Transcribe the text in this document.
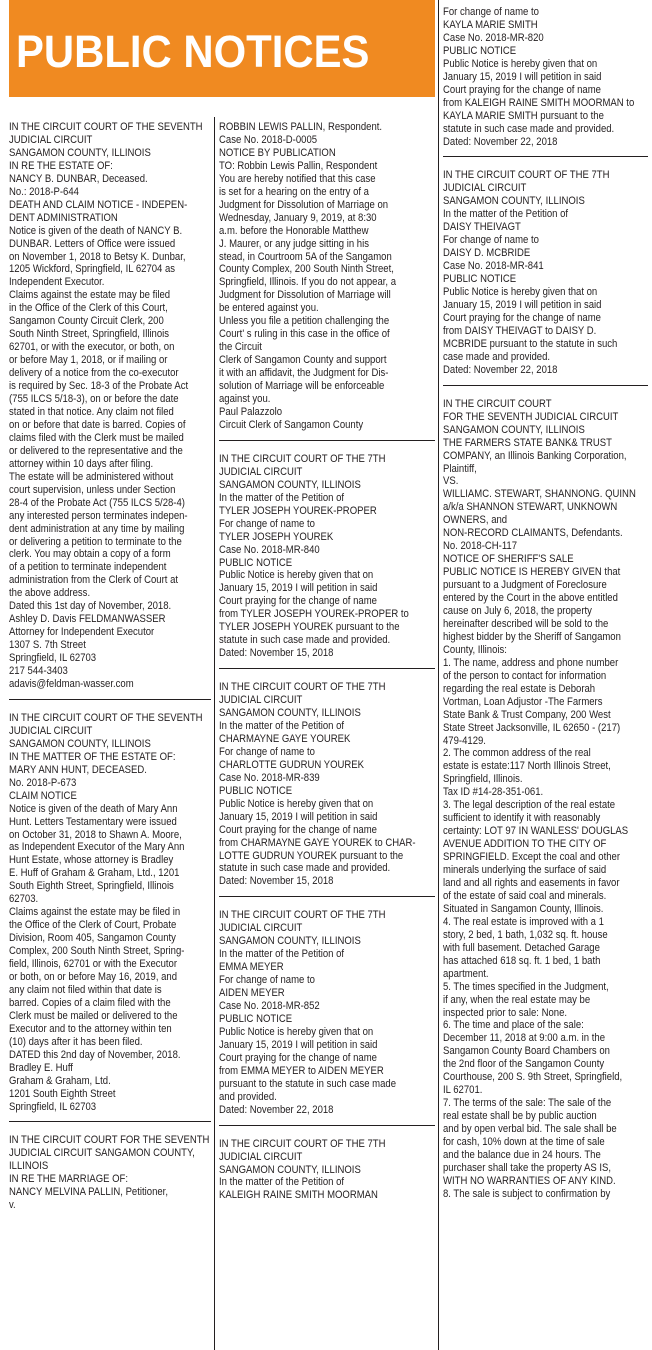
PUBLIC NOTICES
IN THE CIRCUIT COURT OF THE SEVENTH
JUDICIAL CIRCUIT
SANGAMON COUNTY, ILLINOIS
IN RE THE ESTATE OF:
NANCY B. DUNBAR, Deceased.
No.: 2018-P-644
DEATH AND CLAIM NOTICE - INDEPEN-
DENT ADMINISTRATION
Notice is given of the death of NANCY B.
DUNBAR. Letters of Office were issued
on November 1, 2018 to Betsy K. Dunbar,
1205 Wickford, Springfield, IL 62704 as
Independent Executor.
Claims against the estate may be filed
in the Office of the Clerk of this Court,
Sangamon County Circuit Clerk, 200
South Ninth Street, Springfield, Illinois
62701, or with the executor, or both, on
or before May 1, 2018, or if mailing or
delivery of a notice from the co-executor
is required by Sec. 18-3 of the Probate Act
(755 ILCS 5/18-3), on or before the date
stated in that notice. Any claim not filed
on or before that date is barred. Copies of
claims filed with the Clerk must be mailed
or delivered to the representative and the
attorney within 10 days after filing.
The estate will be administered without
court supervision, unless under Section
28-4 of the Probate Act (755 ILCS 5/28-4)
any interested person terminates indepen-
dent administration at any time by mailing
or delivering a petition to terminate to the
clerk. You may obtain a copy of a form
of a petition to terminate independent
administration from the Clerk of Court at
the above address.
Dated this 1st day of November, 2018.
Ashley D. Davis FELDMANWASSER
Attorney for Independent Executor
1307 S. 7th Street
Springfield, IL 62703
217 544-3403
adavis@feldman-wasser.com
IN THE CIRCUIT COURT OF THE SEVENTH
JUDICIAL CIRCUIT
SANGAMON COUNTY, ILLINOIS
IN THE MATTER OF THE ESTATE OF:
MARY ANN HUNT, DECEASED.
No. 2018-P-673
CLAIM NOTICE
Notice is given of the death of Mary Ann
Hunt. Letters Testamentary were issued
on October 31, 2018 to Shawn A. Moore,
as Independent Executor of the Mary Ann
Hunt Estate, whose attorney is Bradley
E. Huff of Graham & Graham, Ltd., 1201
South Eighth Street, Springfield, Illinois
62703.
Claims against the estate may be filed in
the Office of the Clerk of Court, Probate
Division, Room 405, Sangamon County
Complex, 200 South Ninth Street, Spring-
field, Illinois, 62701 or with the Executor
or both, on or before May 16, 2019, and
any claim not filed within that date is
barred. Copies of a claim filed with the
Clerk must be mailed or delivered to the
Executor and to the attorney within ten
(10) days after it has been filed.
DATED this 2nd day of November, 2018.
Bradley E. Huff
Graham & Graham, Ltd.
1201 South Eighth Street
Springfield, IL 62703
IN THE CIRCUIT COURT FOR THE SEVENTH
JUDICIAL CIRCUIT SANGAMON COUNTY,
ILLINOIS
IN RE THE MARRIAGE OF:
NANCY MELVINA PALLIN, Petitioner,
v.
ROBBIN LEWIS PALLIN, Respondent.
Case No. 2018-D-0005
NOTICE BY PUBLICATION
TO: Robbin Lewis Pallin, Respondent
You are hereby notified that this case
is set for a hearing on the entry of a
Judgment for Dissolution of Marriage on
Wednesday, January 9, 2019, at 8:30
a.m. before the Honorable Matthew
J. Maurer, or any judge sitting in his
stead, in Courtroom 5A of the Sangamon
County Complex, 200 South Ninth Street,
Springfield, Illinois. If you do not appear, a
Judgment for Dissolution of Marriage will
be entered against you.
Unless you file a petition challenging the
Court' s ruling in this case in the office of
the Circuit
Clerk of Sangamon County and support
it with an affidavit, the Judgment for Dis-
solution of Marriage will be enforceable
against you.
Paul Palazzolo
Circuit Clerk of Sangamon County
IN THE CIRCUIT COURT OF THE 7TH
JUDICIAL CIRCUIT
SANGAMON COUNTY, ILLINOIS
In the matter of the Petition of
TYLER JOSEPH YOUREK-PROPER
For change of name to
TYLER JOSEPH YOUREK
Case No. 2018-MR-840
PUBLIC NOTICE
Public Notice is hereby given that on
January 15, 2019 I will petition in said
Court praying for the change of name
from TYLER JOSEPH YOUREK-PROPER to
TYLER JOSEPH YOUREK pursuant to the
statute in such case made and provided.
Dated: November 15, 2018
IN THE CIRCUIT COURT OF THE 7TH
JUDICIAL CIRCUIT
SANGAMON COUNTY, ILLINOIS
In the matter of the Petition of
CHARMAYNE GAYE YOUREK
For change of name to
CHARLOTTE GUDRUN YOUREK
Case No. 2018-MR-839
PUBLIC NOTICE
Public Notice is hereby given that on
January 15, 2019 I will petition in said
Court praying for the change of name
from CHARMAYNE GAYE YOUREK to CHAR-
LOTTE GUDRUN YOUREK pursuant to the
statute in such case made and provided.
Dated: November 15, 2018
IN THE CIRCUIT COURT OF THE 7TH
JUDICIAL CIRCUIT
SANGAMON COUNTY, ILLINOIS
In the matter of the Petition of
EMMA MEYER
For change of name to
AIDEN MEYER
Case No. 2018-MR-852
PUBLIC NOTICE
Public Notice is hereby given that on
January 15, 2019 I will petition in said
Court praying for the change of name
from EMMA MEYER to AIDEN MEYER
pursuant to the statute in such case made
and provided.
Dated: November 22, 2018
IN THE CIRCUIT COURT OF THE 7TH
JUDICIAL CIRCUIT
SANGAMON COUNTY, ILLINOIS
In the matter of the Petition of
KALEIGH RAINE SMITH MOORMAN
For change of name to
KAYLA MARIE SMITH
Case No. 2018-MR-820
PUBLIC NOTICE
Public Notice is hereby given that on
January 15, 2019 I will petition in said
Court praying for the change of name
from KALEIGH RAINE SMITH MOORMAN to
KAYLA MARIE SMITH pursuant to the
statute in such case made and provided.
Dated: November 22, 2018
IN THE CIRCUIT COURT OF THE 7TH
JUDICIAL CIRCUIT
SANGAMON COUNTY, ILLINOIS
In the matter of the Petition of
DAISY THEIVAGT
For change of name to
DAISY D. MCBRIDE
Case No. 2018-MR-841
PUBLIC NOTICE
Public Notice is hereby given that on
January 15, 2019 I will petition in said
Court praying for the change of name
from DAISY THEIVAGT to DAISY D.
MCBRIDE pursuant to the statute in such
case made and provided.
Dated: November 22, 2018
IN THE CIRCUIT COURT
FOR THE SEVENTH JUDICIAL CIRCUIT
SANGAMON COUNTY, ILLINOIS
THE FARMERS STATE BANK& TRUST
COMPANY, an Illinois Banking Corporation,
Plaintiff,
VS.
WILLIAMC. STEWART, SHANNONG. QUINN
a/k/a SHANNON STEWART, UNKNOWN
OWNERS, and
NON-RECORD CLAIMANTS, Defendants.
No. 2018-CH-117
NOTICE OF SHERIFF'S SALE
PUBLIC NOTICE IS HEREBY GIVEN that
pursuant to a Judgment of Foreclosure
entered by the Court in the above entitled
cause on July 6, 2018, the property
hereinafter described will be sold to the
highest bidder by the Sheriff of Sangamon
County, Illinois:
1. The name, address and phone number
of the person to contact for information
regarding the real estate is Deborah
Vortman, Loan Adjustor -The Farmers
State Bank & Trust Company, 200 West
State Street Jacksonville, IL 62650 - (217)
479-4129.
2. The common address of the real
estate is estate:117 North Illinois Street,
Springfield, Illinois.
Tax ID #14-28-351-061.
3. The legal description of the real estate
sufficient to identify it with reasonably
certainty: LOT 97 IN WANLESS' DOUGLAS
AVENUE ADDITION TO THE CITY OF
SPRINGFIELD. Except the coal and other
minerals underlying the surface of said
land and all rights and easements in favor
of the estate of said coal and minerals.
Situated in Sangamon County, Illinois.
4. The real estate is improved with a 1
story, 2 bed, 1 bath, 1,032 sq. ft. house
with full basement. Detached Garage
has attached 618 sq. ft. 1 bed, 1 bath
apartment.
5. The times specified in the Judgment,
if any, when the real estate may be
inspected prior to sale: None.
6. The time and place of the sale:
December 11, 2018 at 9:00 a.m. in the
Sangamon County Board Chambers on
the 2nd floor of the Sangamon County
Courthouse, 200 S. 9th Street, Springfield,
IL 62701.
7. The terms of the sale: The sale of the
real estate shall be by public auction
and by open verbal bid. The sale shall be
for cash, 10% down at the time of sale
and the balance due in 24 hours. The
purchaser shall take the property AS IS,
WITH NO WARRANTIES OF ANY KIND.
8. The sale is subject to confirmation by
